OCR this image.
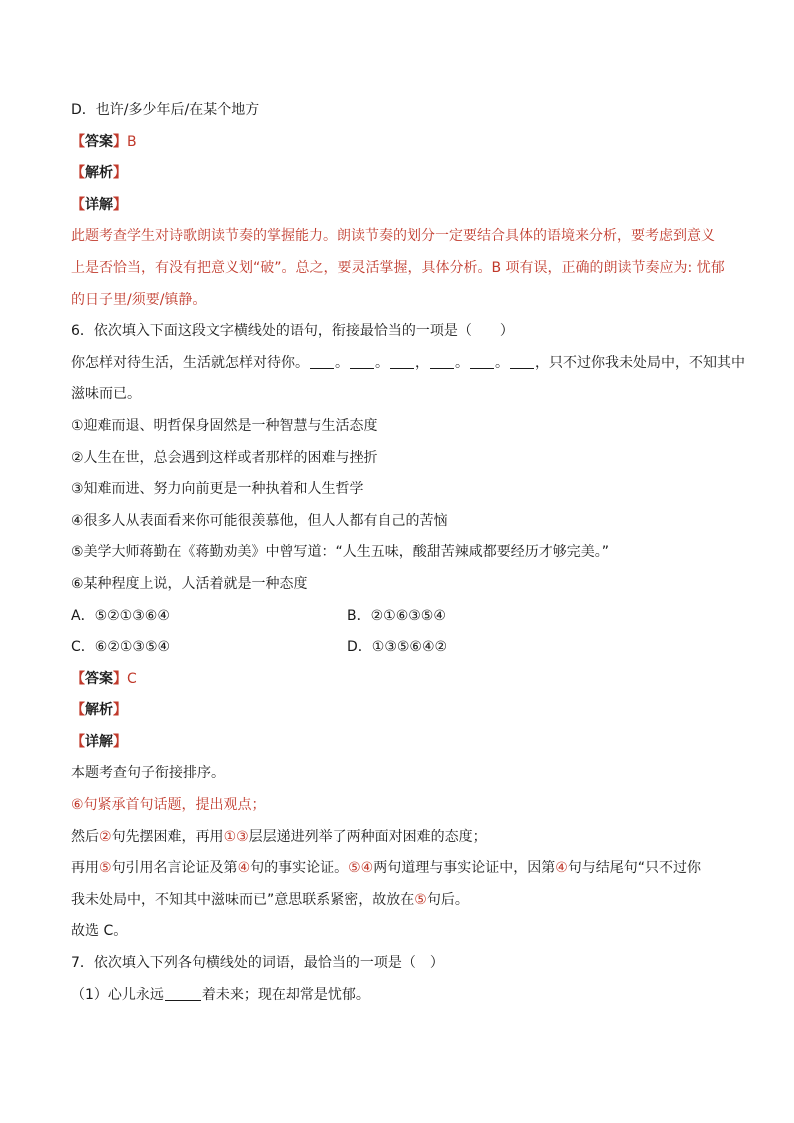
D．也许/多少年后/在某个地方
【答案】B
【解析】
【详解】
此题考查学生对诗歌朗读节奏的掌握能力。朗读节奏的划分一定要结合具体的语境来分析，要考虑到意义
上是否恰当，有没有把意义划“破”。总之，要灵活掌握，具体分析。B 项有误，正确的朗读节奏应为: 忧郁
的日子里/须要/镇静。
6．依次填入下面这段文字横线处的语句，衔接最恰当的一项是（　　）
你怎样对待生活，生活就怎样对待你。 。 。 ， 。 。 ，只不过你我未处局中，不知其中
滋味而已。
①迎难而退、明哲保身固然是一种智慧与生活态度
②人生在世，总会遇到这样或者那样的困难与挫折
③知难而进、努力向前更是一种执着和人生哲学
④很多人从表面看来你可能很羡慕他，但人人都有自己的苦恼
⑤美学大师蒋勤在《蒋勤劝美》中曾写道：“人生五味，酸甜苦辣咸都要经历才够完美。”
⑥某种程度上说，人活着就是一种态度
A．⑤②①③⑥④	B．②①⑥③⑤④
C．⑥②①③⑤④	D．①③⑤⑥④②
【答案】C
【解析】
【详解】
本题考查句子衔接排序。
⑥句紧承首句话题，提出观点；
然后②句先摆困难，再用①③层层递进列举了两种面对困难的态度；
再用⑤句引用名言论证及第④句的事实论证。⑤④两句道理与事实论证中，因第④句与结尾句“只不过你
我未处局中，不知其中滋味而已”意思联系紧密，故放在⑤句后。
故选 C。
7．依次填入下列各句横线处的词语，最恰当的一项是（　）
（1）心儿永远	着未来；现在却常是忧郁。
